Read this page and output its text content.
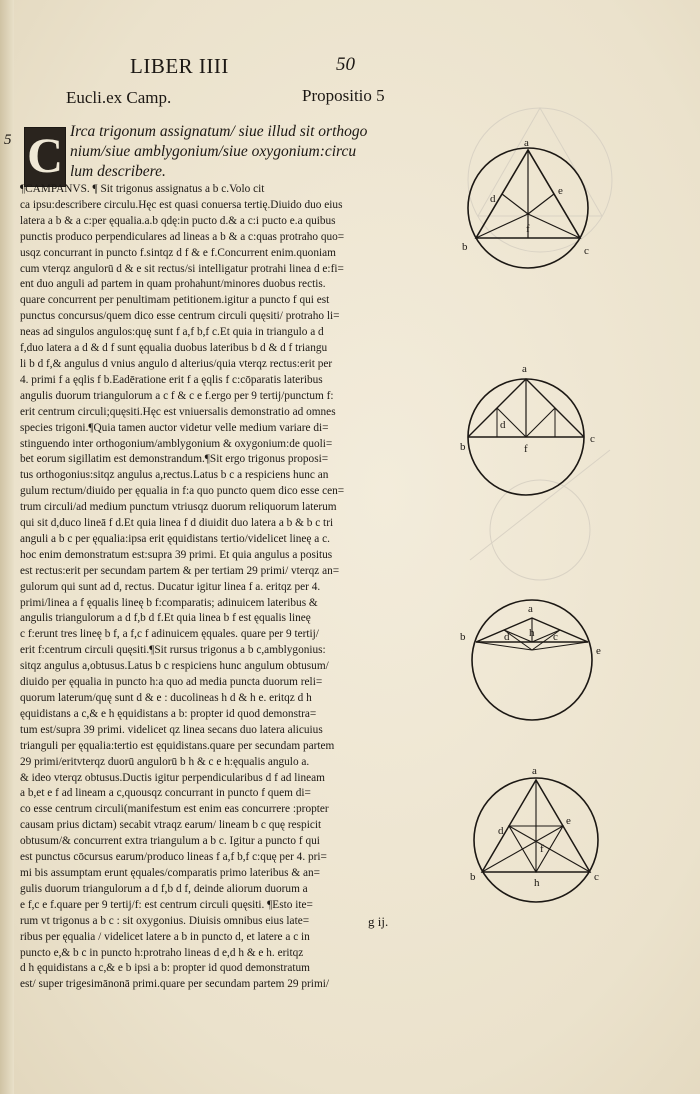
LIBER IIII	50
Eucli.ex Camp.	Propositio 5
5 C Irca trigonum assignatum/ siue illud sit orthogo

nium/siue amblygonium/siue oxygonium:circu

lum describere.

¶CAMPANVS. ¶ Sit trigonus assignatus a b c.Volo cit

ca ipsu:describere circulu.Hęc est quasi conuersa tertię.Diuido duo eius

latera a b & a c:per ęqualia.a.b qdę:in pucto d.& a c:i pucto e.a quibus

punctis produco perpendiculares ad lineas a b & a c:quas protraho quo=

usqz concurrant in puncto f.sintqz d f & e f.Concurrent enim.quoniam

cum vterqz angulorū d & e sit rectus/si intelligatur protrahi linea d e:fi=

ent duo anguli ad partem in quam prohahunt/minores duobus rectis.

quare concurrent per penultimam petitionem.igitur a puncto f qui est

punctus concursus/quem dico esse centrum circuli quęsiti/ protraho li=

neas ad singulos angulos:quę sunt f a,f b,f c.Et quia in triangulo a d

f,duo latera a d & d f sunt ęqualia duobus lateribus b d & d f triangu

li b d f,& angulus d vnius angulo d alterius/quia vterqz rectus:erit per

4. primi f a ęqlis f b.Eadēratione erit f a ęqlis f c:cōparatis lateribus

angulis duorum triangulorum a c f & c e f.ergo per 9 tertij/punctum f:

erit centrum circuli;quęsiti.Hęc est vniuersalis demonstratio ad omnes

species trigoni.¶Quia tamen auctor videtur velle medium variare di=

stinguendo inter orthogonium/amblygonium & oxygonium:de quoli=

bet eorum sigillatim est demonstrandum.¶Sit ergo trigonus proposi=

tus orthogonius:sitqz angulus a,rectus.Latus b c a respiciens hunc an

gulum rectum/diuido per ęqualia in f:a quo puncto quem dico esse cen=

trum circuli/ad medium punctum vtriusqz duorum reliquorum laterum

qui sit d,duco lineā f d.Et quia linea f d diuidit duo latera a b & b c tri

anguli a b c per ęqualia:ipsa erit ęquidistans tertio/videlicet lineę a c.

hoc enim demonstratum est:supra 39 primi. Et quia angulus a positus

est rectus:erit per secundam partem & per tertiam 29 primi/ vterqz an=

gulorum qui sunt ad d, rectus. Ducatur igitur linea f a. eritqz per 4.

primi/linea a f ęqualis lineę b f:comparatis; adinuicem lateribus &

angulis triangulorum a d f,b d f.Et quia linea b f est ęqualis lineę

c f:erunt tres lineę b f, a f,c f adinuicem ęquales. quare per 9 tertij/

erit f:centrum circuli quęsiti.¶Sit rursus trigonus a b c,amblygonius:

sitqz angulus a,obtusus.Latus b c respiciens hunc angulum obtusum/

diuido per ęqualia in puncto h:a quo ad media puncta duorum reli=

quorum laterum/quę sunt d & e : ducolineas h d & h e. eritqz d h

ęquidistans a c,& e h ęquidistans a b: propter id quod demonstra=

tum est/supra 39 primi. videlicet qz linea secans duo latera alicuius

trianguli per ęqualia:tertio est ęquidistans.quare per secundam partem

29 primi/eritvterqz duorū angulorū b h & c e h:ęqualis angulo a.

& ideo vterqz obtusus.Ductis igitur perpendicularibus d f ad lineam

a b,et e f ad lineam a c,quousqz concurrant in puncto f quem di=

co esse centrum circuli(manifestum est enim eas concurrere :propter

causam prius dictam) secabit vtraqz earum/ lineam b c quę respicit

obtusum/& concurrent extra triangulum a b c. Igitur a puncto f qui

est punctus cōcursus earum/produco lineas f a,f b,f c:quę per 4. pri=

mi bis assumptam erunt ęquales/comparatis primo lateribus & an=

gulis duorum triangulorum a d f,b d f, deinde aliorum duorum a

e f,c e f.quare per 9 tertij/f: est centrum circuli quęsiti. ¶Esto ite=

rum vt trigonus a b c : sit oxygonius. Diuisis omnibus eius late=

ribus per ęqualia / videlicet latere a b in puncto d, et latere a c in

puncto e,& b c in puncto h:protraho lineas d e,d h & e h. eritqz

d h ęquidistans a c,& e b ipsi a b: propter id quod demonstratum

est/ super trigesimānonā primi.quare per secundam partem 29 primi/

g ij.
a
b	c
d
e
f
a
b
c
d
f
a
b	d h c
e
a
b	c
d
e
f
h
